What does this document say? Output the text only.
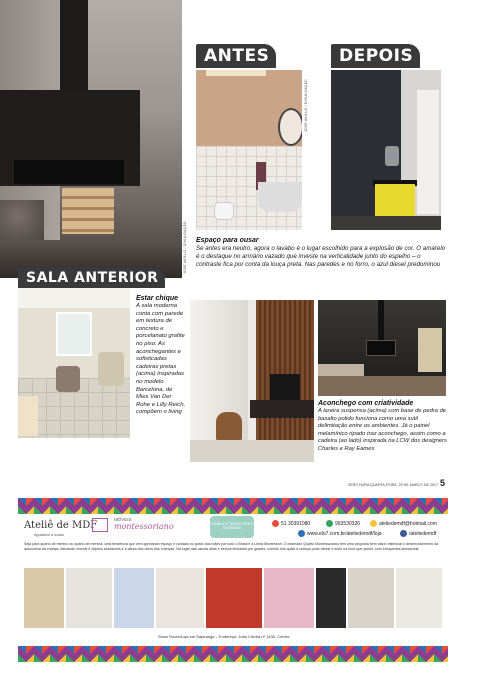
JOSE AKILLO / DIVULGAÇÃO
ANTES	DEPOIS
JOSE AKILLO / DIVULGAÇÃO
Espaço para ousar
Se antes era neutro, agora o lavabo é o lugar escolhido para a explosão de cor. O amarelo é o destaque no armário vazado que investe na verticalidade junto do espelho – o contraste fica por conta da louça preta. Nas paredes e no forro, o azul diesel predominou
SALA ANTERIOR
Estar chique
A sala moderna conta com parede em textura de concreto e porcelanato grafite no piso. As aconchegantes e sofisticadas cadeiras pretas (acima) inspiradas no modelo Barcelona, de Mies Van Der Rohe e Lilly Reich, compõem o living
Aconchego com criatividade
A lareira suspensa (acima) com base de pedra de basalto polido funciona como uma sutil delimitação entre os ambientes. Já o painel melamínico ripado traz aconchego, assim como a cadeira (ao lado) inspirada na LCW dos designers Charles e Ray Eames
ZERO HORA QUARTA-FEIRA, 29 DE MARÇO DE 2017 5
Ateliê de MDF
Agradece a todas
MÓVEIS
montessoriano	CONSULTE NOSSO SITE E FACEBOOK
51 30391080	993530326	ateliedemdf@hotmail.com
www.elo7.com.br/ateliedemdf/loja	/ateliedemdf
Seja para quarto de menino ou quarto de menina, uma tendência que vem ganhando espaço e cuidado no gosto dos mães por todo o Brasil é a Linha Montessori. O chamado Quarto Montessoriano tem uma proposta bem clara: estimular o desenvolvimento da autonomia da criança, deixando móveis e objetos acessíveis e à altura dos olhos das crianças. Na lugar das camas altas e berços fechados por grades, móveis dos quais a criança pode deixar e subir na hora que quiser, com brinquedos acessíveis.
Show Room/Loja em Sapiranga – Endereço: João Corrêa nº 1430, Centro.
